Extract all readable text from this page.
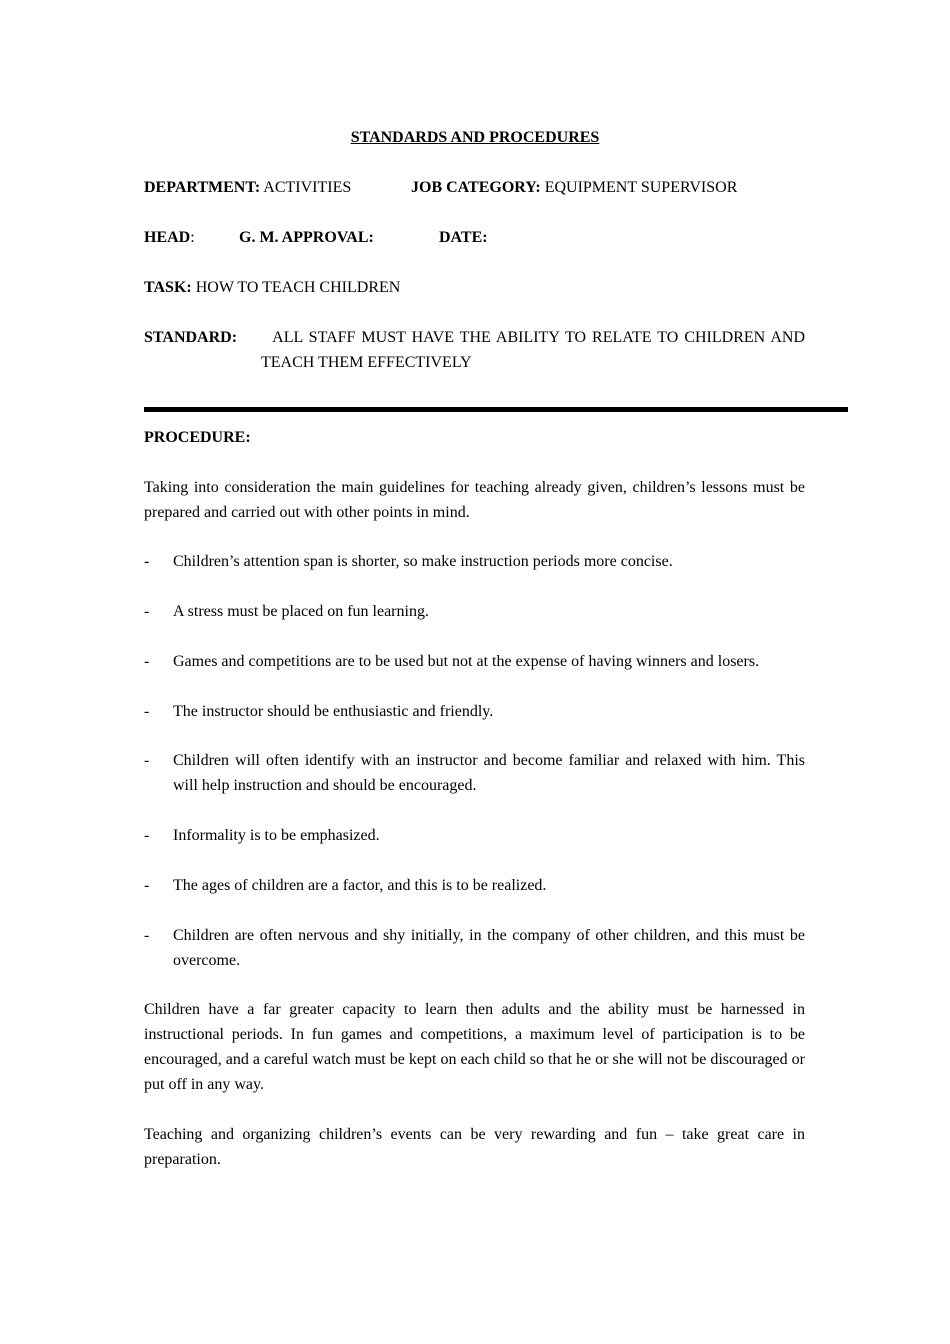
STANDARDS AND PROCEDURES
DEPARTMENT: ACTIVITIES	JOB CATEGORY: EQUIPMENT SUPERVISOR
HEAD:	G. M. APPROVAL:	DATE:
TASK: HOW TO TEACH CHILDREN
STANDARD: ALL STAFF MUST HAVE THE ABILITY TO RELATE TO CHILDREN AND
TEACH THEM EFFECTIVELY
PROCEDURE:
Taking into consideration the main guidelines for teaching already given, children’s lessons must be prepared and carried out with other points in mind.
- Children’s attention span is shorter, so make instruction periods more concise.
- A stress must be placed on fun learning.
- Games and competitions are to be used but not at the expense of having winners and losers.
- The instructor should be enthusiastic and friendly.
- Children will often identify with an instructor and become familiar and relaxed with him. This will help instruction and should be encouraged.
- Informality is to be emphasized.
- The ages of children are a factor, and this is to be realized.
- Children are often nervous and shy initially, in the company of other children, and this must be overcome.
Children have a far greater capacity to learn then adults and the ability must be harnessed in instructional periods. In fun games and competitions, a maximum level of participation is to be encouraged, and a careful watch must be kept on each child so that he or she will not be discouraged or put off in any way.
Teaching and organizing children’s events can be very rewarding and fun – take great care in preparation.
